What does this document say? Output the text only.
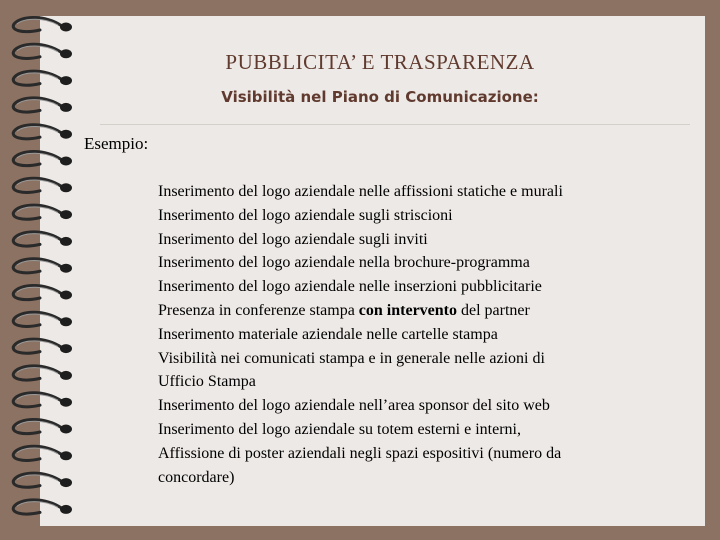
PUBBLICITA’ E TRASPARENZA
Visibilità nel Piano di Comunicazione:
Esempio:
Inserimento del logo aziendale nelle affissioni statiche e murali
Inserimento del logo aziendale sugli striscioni
Inserimento del logo aziendale sugli inviti
Inserimento del logo aziendale nella brochure-programma
Inserimento del logo aziendale nelle inserzioni pubblicitarie
Presenza in conferenze stampa con intervento del partner
Inserimento materiale aziendale nelle cartelle stampa
Visibilità nei comunicati stampa e in generale nelle azioni di
Ufficio Stampa
Inserimento del logo aziendale nell’area sponsor del sito web
Inserimento del logo aziendale su totem esterni e interni,
Affissione di poster aziendali negli spazi espositivi (numero da
concordare)
